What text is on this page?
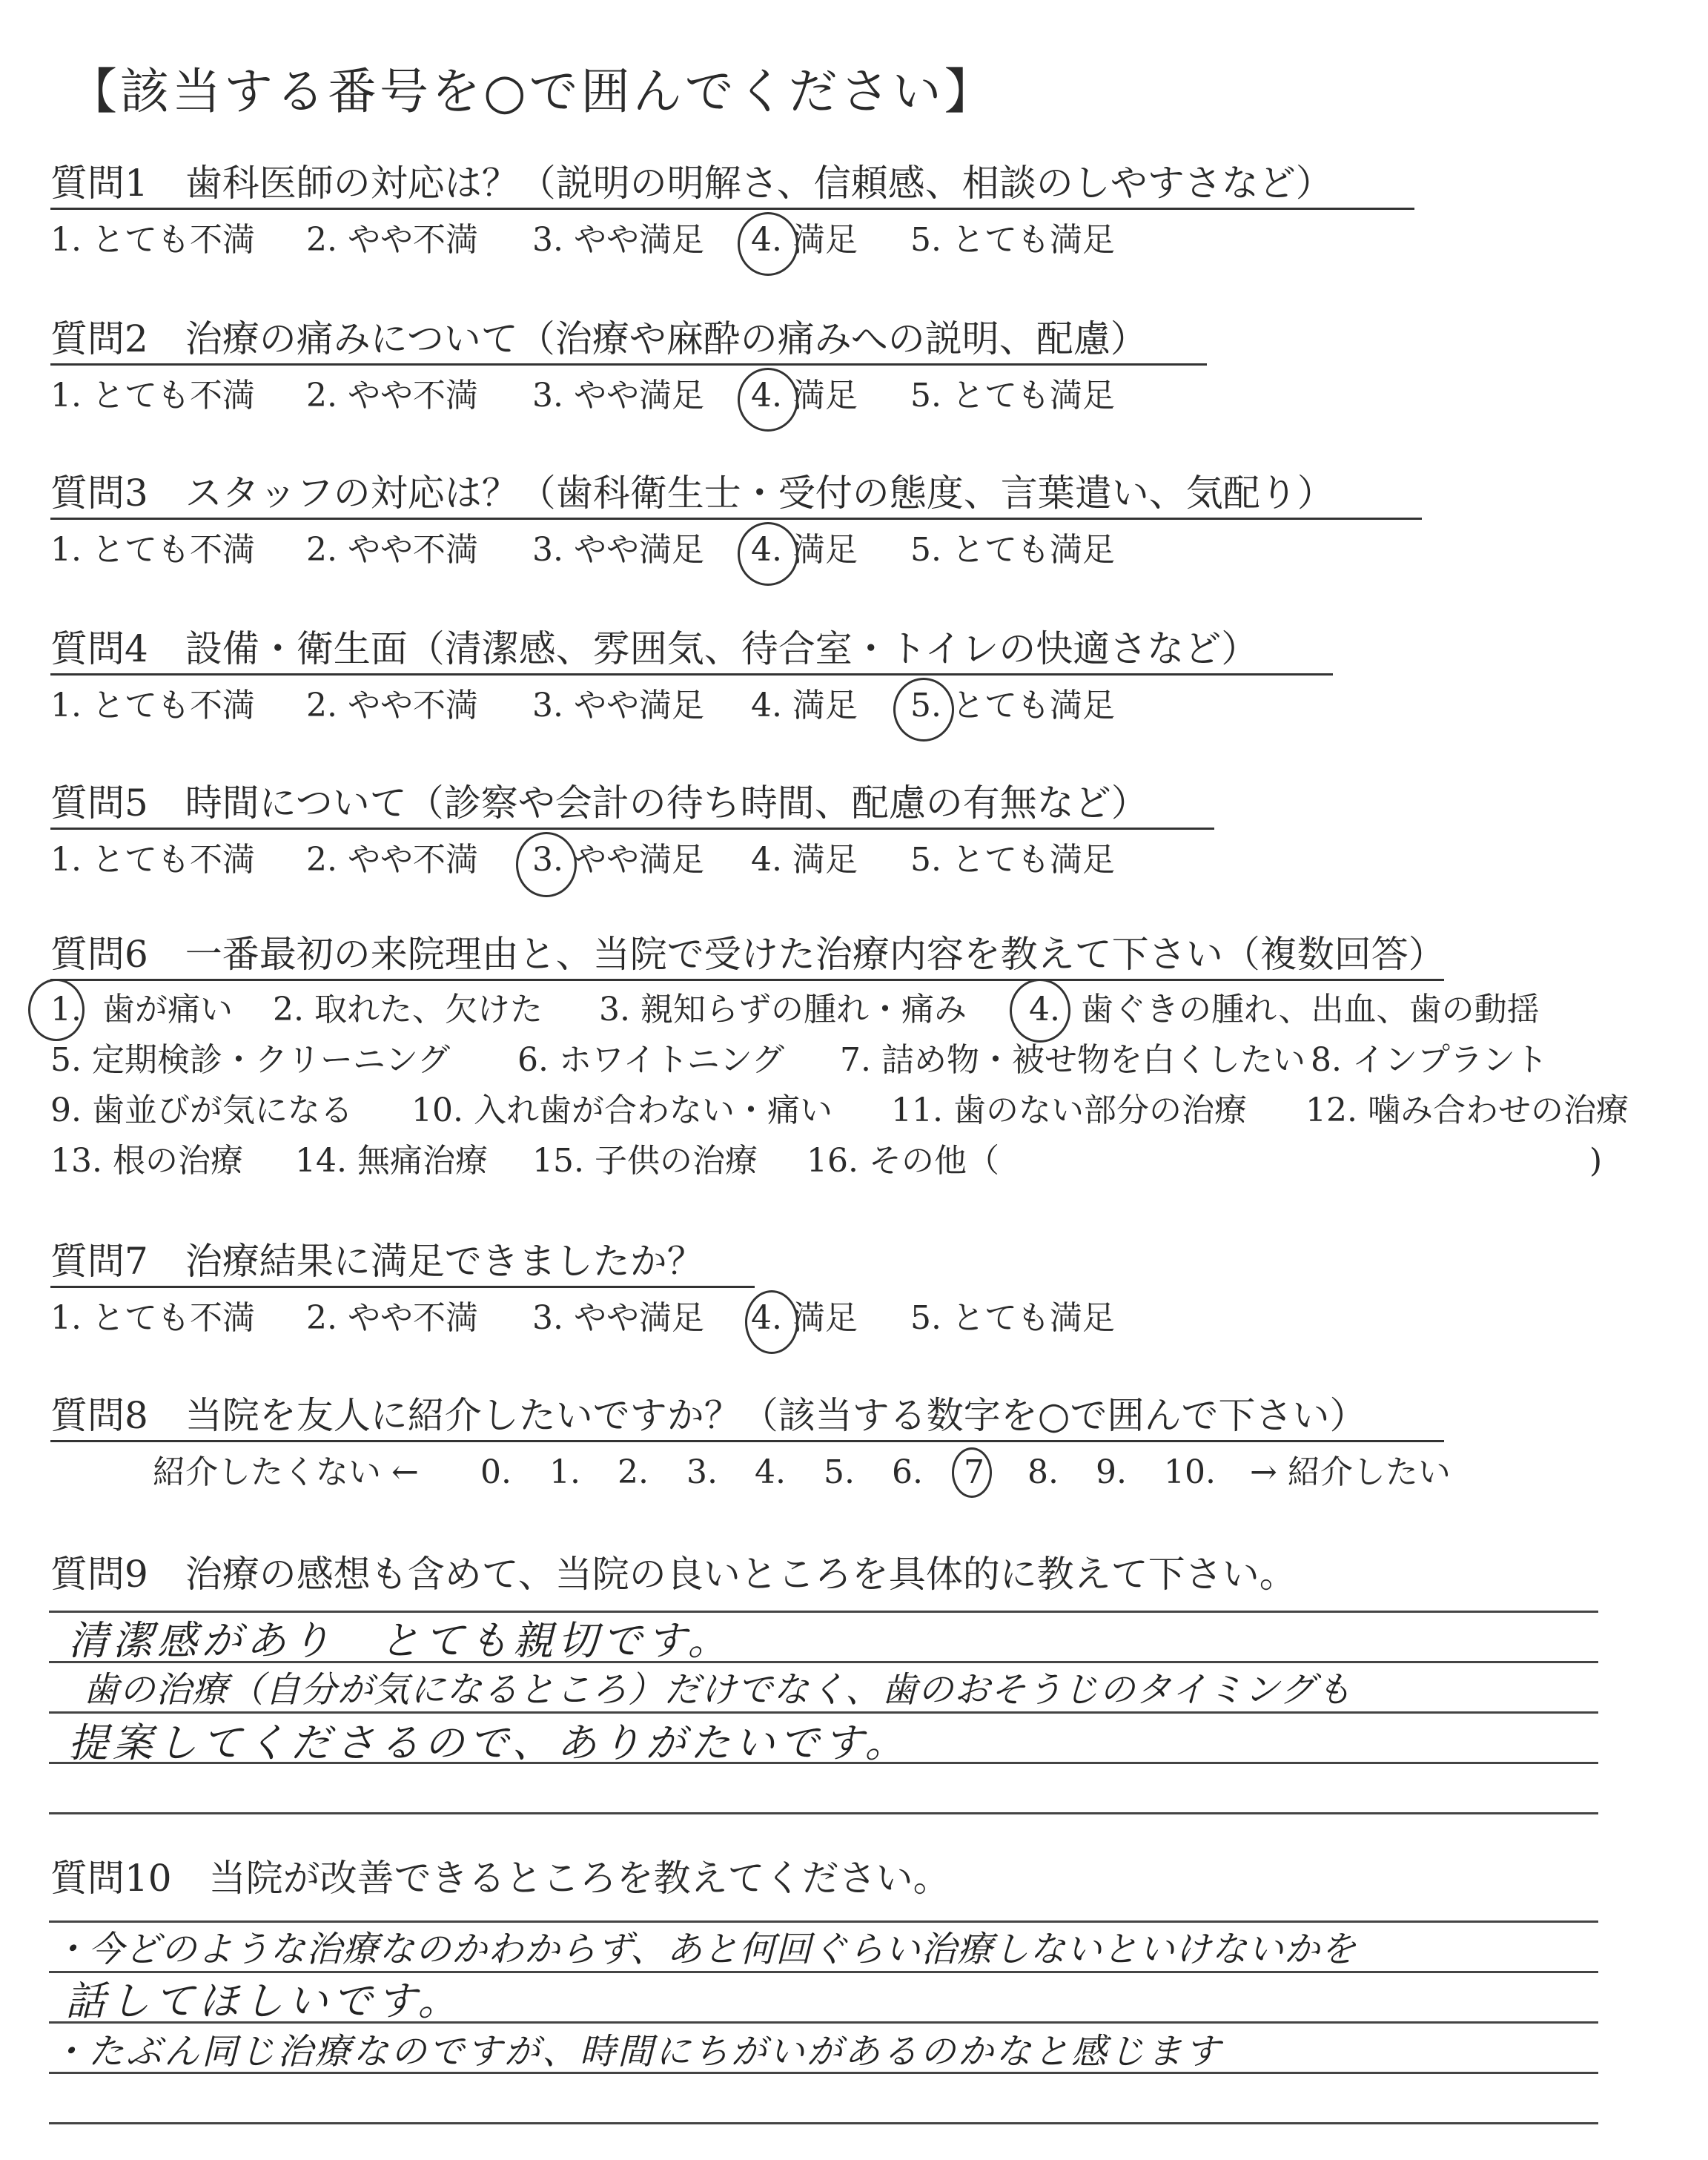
【該当する番号を○で囲んでください】
質問1　歯科医師の対応は？（説明の明解さ、信頼感、相談のしやすさなど）
1. とても不満 2. やや不満 3. やや満足 4. 満足 5. とても満足
質問2　治療の痛みについて（治療や麻酔の痛みへの説明、配慮）
1. とても不満 2. やや不満 3. やや満足 4. 満足 5. とても満足
質問3　スタッフの対応は？（歯科衛生士・受付の態度、言葉遣い、気配り）
1. とても不満 2. やや不満 3. やや満足 4. 満足 5. とても満足
質問4　設備・衛生面（清潔感、雰囲気、待合室・トイレの快適さなど）
1. とても不満 2. やや不満 3. やや満足 4. 満足 5. とても満足
質問5　時間について（診察や会計の待ち時間、配慮の有無など）
1. とても不満 2. やや不満 3. やや満足 4. 満足 5. とても満足
質問6　一番最初の来院理由と、当院で受けた治療内容を教えて下さい（複数回答）
1. 歯が痛い 2. 取れた、欠けた 3. 親知らずの腫れ・痛み 4. 歯ぐきの腫れ、出血、歯の動揺
5. 定期検診・クリーニング 6. ホワイトニング 7. 詰め物・被せ物を白くしたい 8. インプラント
9. 歯並びが気になる 10. 入れ歯が合わない・痛い 11. 歯のない部分の治療 12. 噛み合わせの治療
13. 根の治療 14. 無痛治療 15. 子供の治療 16. その他（	)
質問7　治療結果に満足できましたか？
1. とても不満 2. やや不満 3. やや満足 4. 満足 5. とても満足
質問8　当院を友人に紹介したいですか？（該当する数字を○で囲んで下さい）
紹介したくない ← 0. 1. 2. 3. 4. 5. 6. 7 8. 9. 10. → 紹介したい
質問9　治療の感想も含めて、当院の良いところを具体的に教えて下さい。
清潔感があり　とても親切です。
歯の治療（自分が気になるところ）だけでなく、歯のおそうじのタイミングも
提案してくださるので、ありがたいです。
質問10　当院が改善できるところを教えてください。
・今どのような治療なのかわからず、あと何回ぐらい治療しないといけないかを
話してほしいです。
・たぶん同じ治療なのですが、時間にちがいがあるのかなと感じます
